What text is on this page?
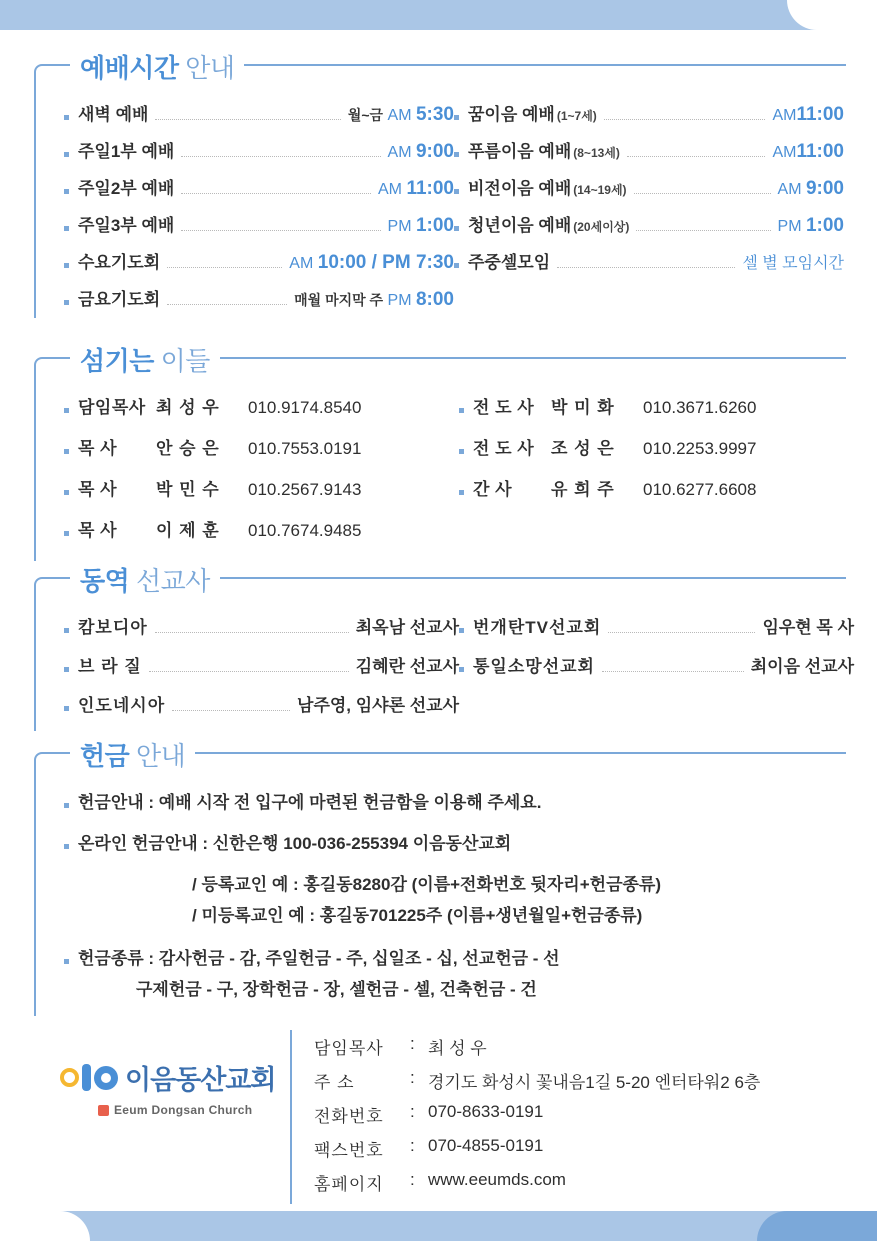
예배시간 안내
새벽 예배	월~금 AM 5:30
주일1부 예배	AM 9:00
주일2부 예배	AM 11:00
주일3부 예배	PM 1:00
수요기도회	AM 10:00 / PM 7:30
금요기도회	매월 마지막 주 PM 8:00
꿈이음 예배 (1~7세)	AM11:00
푸름이음 예배 (8~13세)	AM11:00
비전이음 예배 (14~19세)	AM 9:00
청년이음 예배 (20세이상)	PM 1:00
주중셀모임	셀 별 모임시간
섬기는 이들
담임목사 최 성 우	010.9174.8540
목 사	안 승 은	010.7553.0191
목 사	박 민 수	010.2567.9143
목 사	이 제 훈	010.7674.9485
전 도 사 박 미 화	010.3671.6260
전 도 사 조 성 은	010.2253.9997
간 사	유 희 주	010.6277.6608
동역 선교사
캄보디아	최옥남 선교사
브 라 질	김혜란 선교사
인도네시아	남주영, 임샤론 선교사
번개탄TV선교회	임우현 목 사
통일소망선교회	최이음 선교사
헌금 안내
헌금안내 : 예배 시작 전 입구에 마련된 헌금함을 이용해 주세요.
온라인 헌금안내 : 신한은행 100-036-255394 이음동산교회
/ 등록교인 예 : 홍길동8280감 (이름+전화번호 뒷자리+헌금종류)
/ 미등록교인 예 : 홍길동701225주 (이름+생년월일+헌금종류)
헌금종류 : 감사헌금 - 감, 주일헌금 - 주, 십일조 - 십, 선교헌금 - 선
구제헌금 - 구, 장학헌금 - 장, 셀헌금 - 셀, 건축헌금 - 건
이음동산교회
Eeum Dongsan Church
담임목사	: 최 성 우
주 소	: 경기도 화성시 꽃내음1길 5-20 엔터타워2 6층
전화번호	: 070-8633-0191
팩스번호	: 070-4855-0191
홈페이지	: www.eeumds.com
